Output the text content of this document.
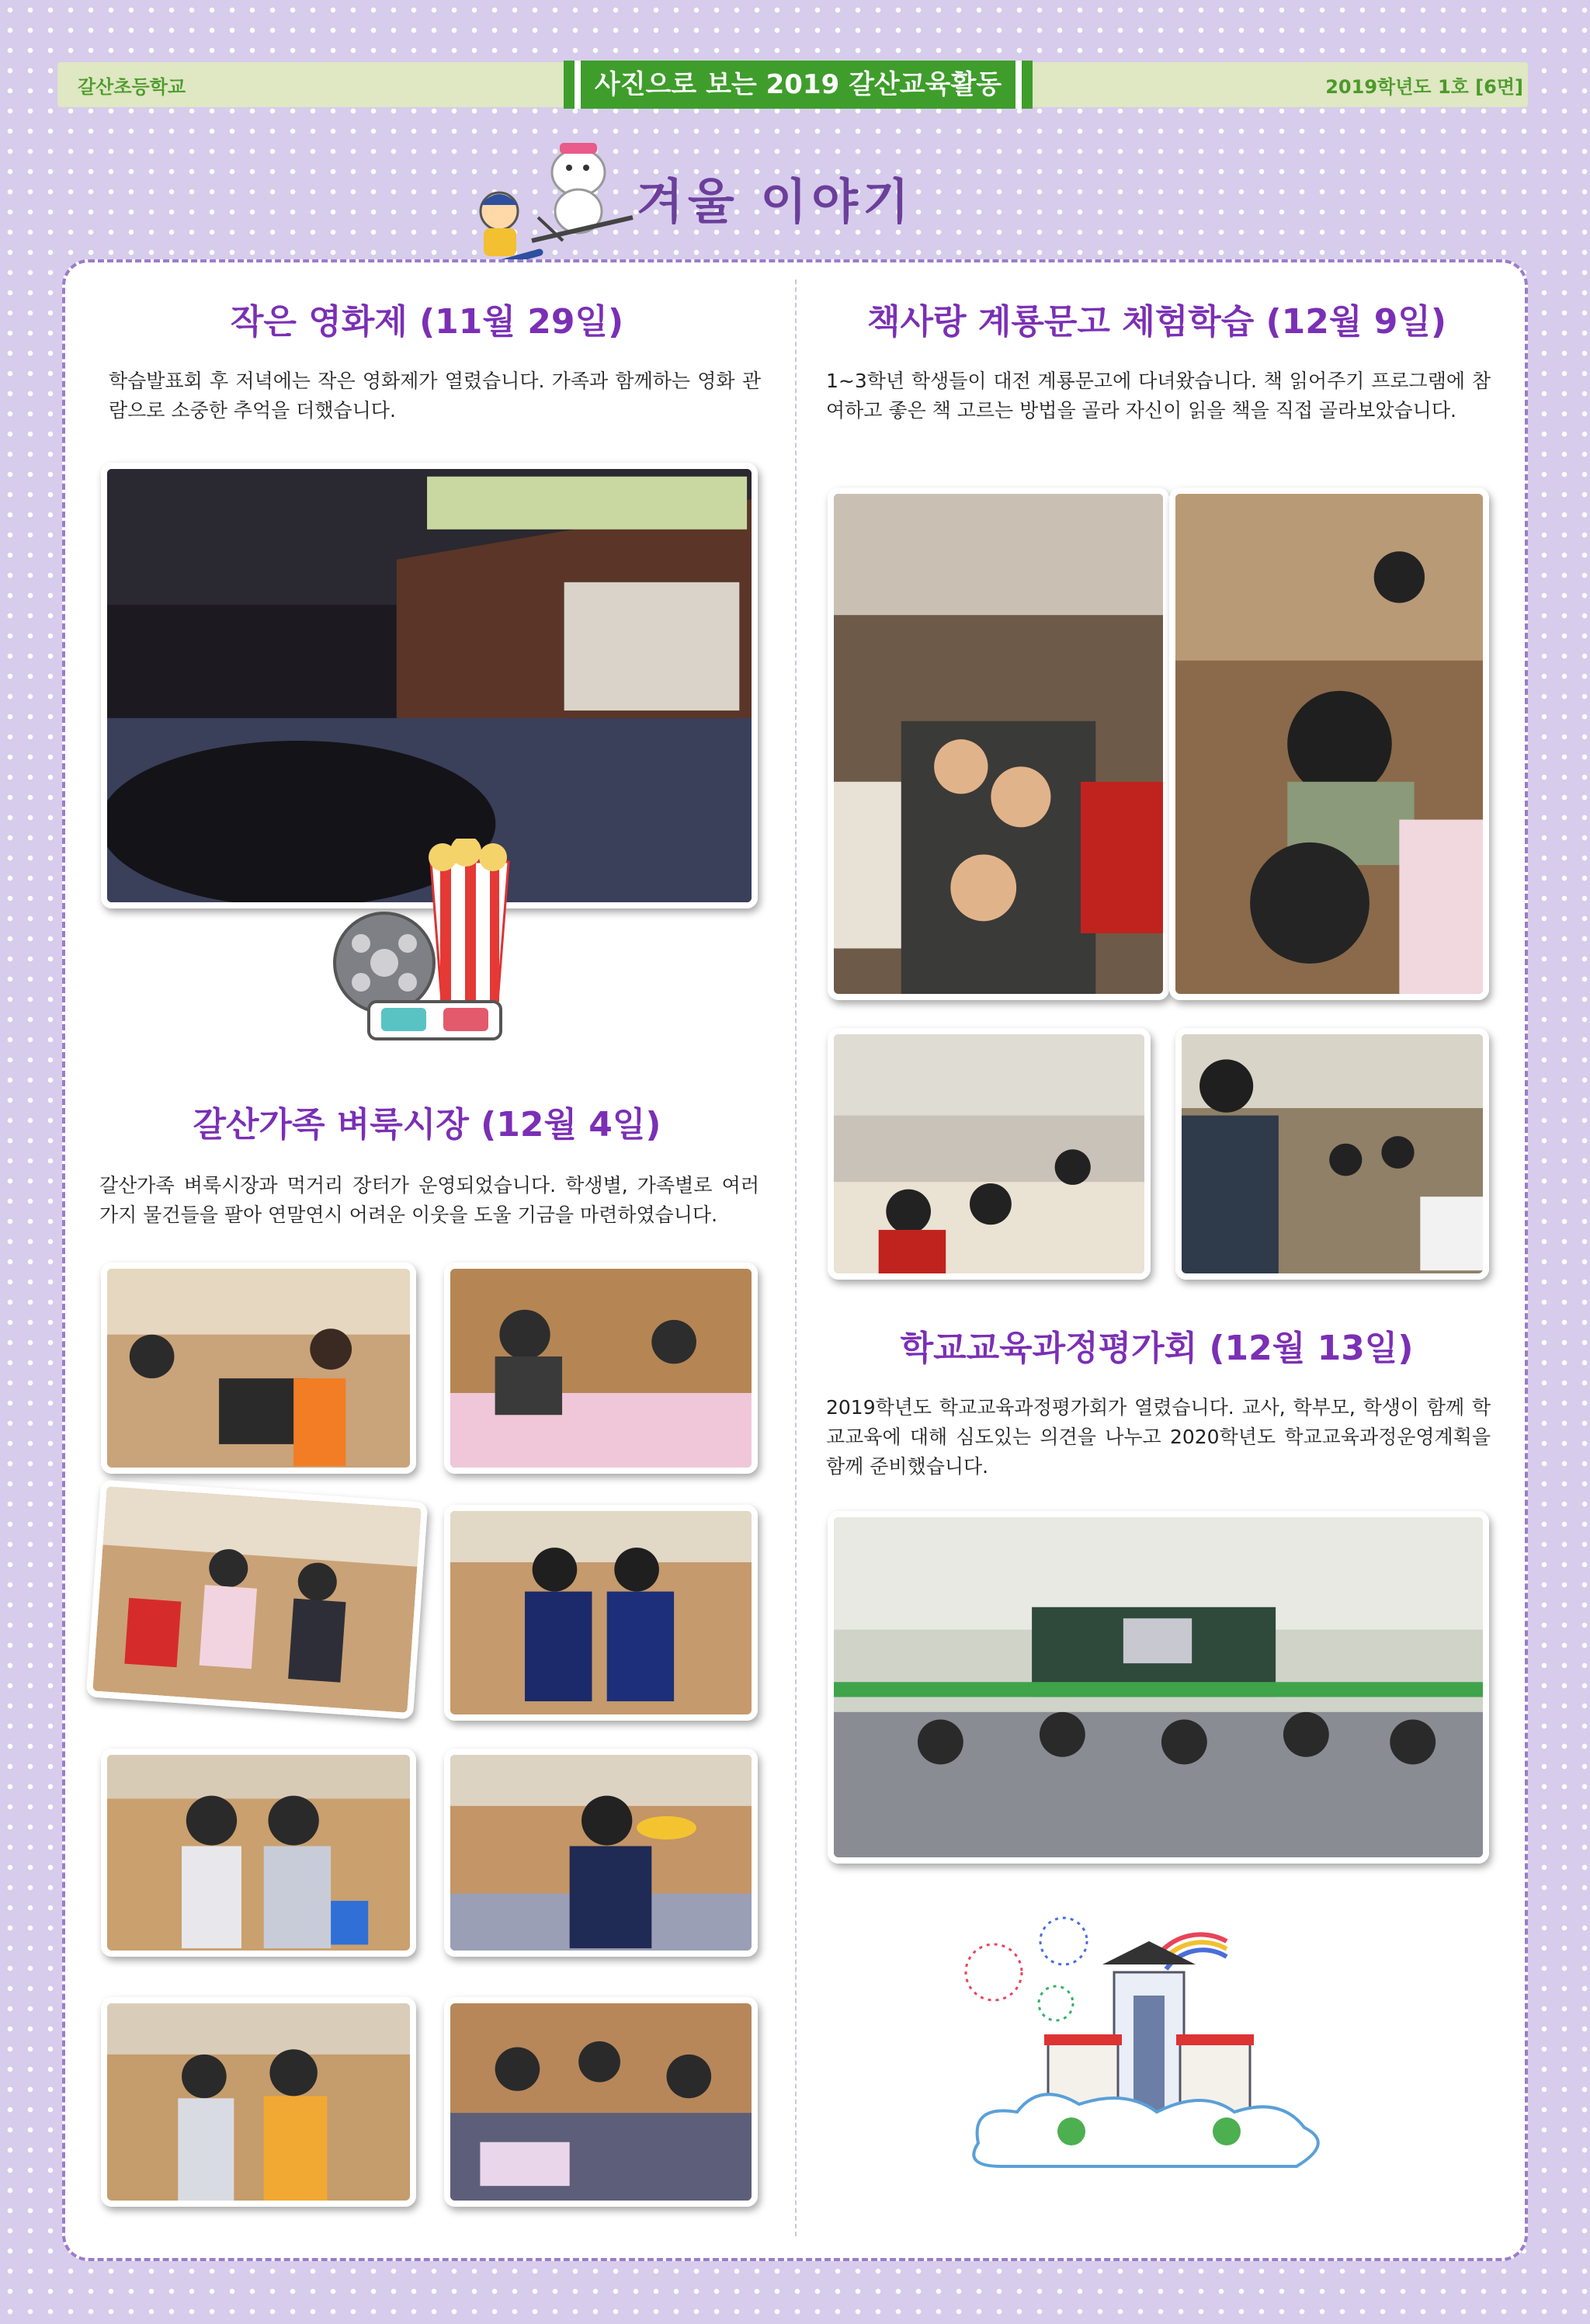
갈산초등학교	사진으로 보는 2019 갈산교육활동	2019학년도 1호 [6면]
겨울 이야기
작은 영화제 (11월 29일)
학습발표회 후 저녁에는 작은 영화제가 열렸습니다. 가족과 함께하는 영화 관람으로 소중한 추억을 더했습니다.
갈산가족 벼룩시장 (12월 4일)
갈산가족 벼룩시장과 먹거리 장터가 운영되었습니다. 학생별, 가족별로 여러 가지 물건들을 팔아 연말연시 어려운 이웃을 도울 기금을 마련하였습니다.
책사랑 계룡문고 체험학습 (12월 9일)
1~3학년 학생들이 대전 계룡문고에 다녀왔습니다. 책 읽어주기 프로그램에 참여하고 좋은 책 고르는 방법을 골라 자신이 읽을 책을 직접 골라보았습니다.
학교교육과정평가회 (12월 13일)
2019학년도 학교교육과정평가회가 열렸습니다. 교사, 학부모, 학생이 함께 학교교육에 대해 심도있는 의견을 나누고 2020학년도 학교교육과정운영계획을 함께 준비했습니다.
